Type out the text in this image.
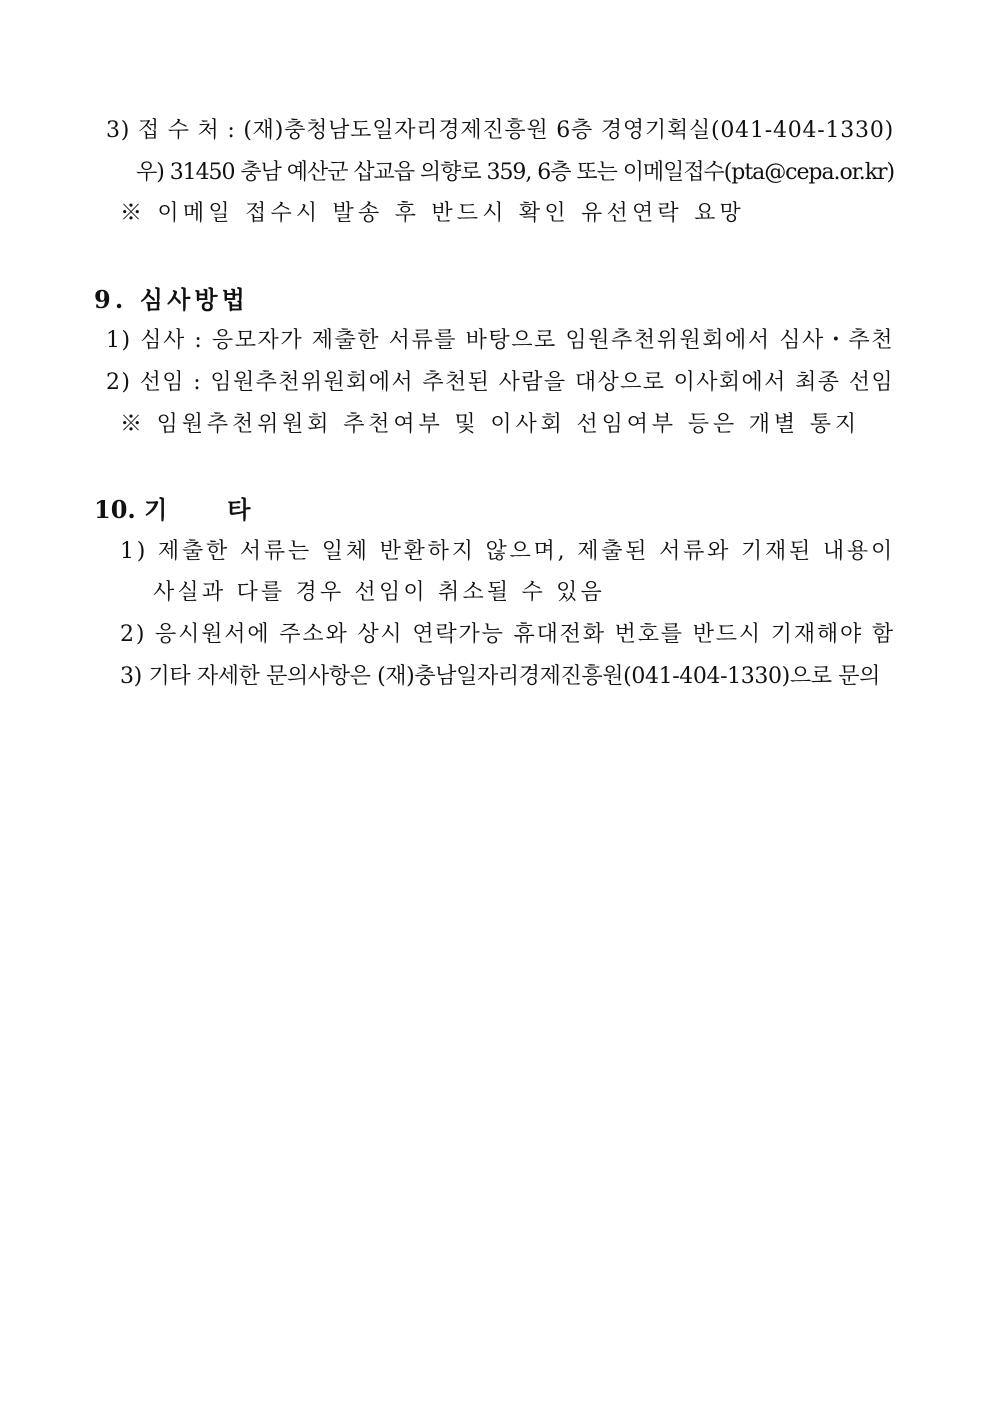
3) 접 수 처 : (재)충청남도일자리경제진흥원 6층 경영기획실(041-404-1330)
우) 31450 충남 예산군 삽교읍 의향로 359, 6층 또는 이메일접수(pta@cepa.or.kr)
※ 이메일 접수시 발송 후 반드시 확인 유선연락 요망
9. 심사방법
1) 심사 : 응모자가 제출한 서류를 바탕으로 임원추천위원회에서 심사・추천
2) 선임 : 임원추천위원회에서 추천된 사람을 대상으로 이사회에서 최종 선임
※ 임원추천위원회 추천여부 및 이사회 선임여부 등은 개별 통지
10. 기	타
1) 제출한 서류는 일체 반환하지 않으며, 제출된 서류와 기재된 내용이
사실과 다를 경우 선임이 취소될 수 있음
2) 응시원서에 주소와 상시 연락가능 휴대전화 번호를 반드시 기재해야 함
3) 기타 자세한 문의사항은 (재)충남일자리경제진흥원(041-404-1330)으로 문의
